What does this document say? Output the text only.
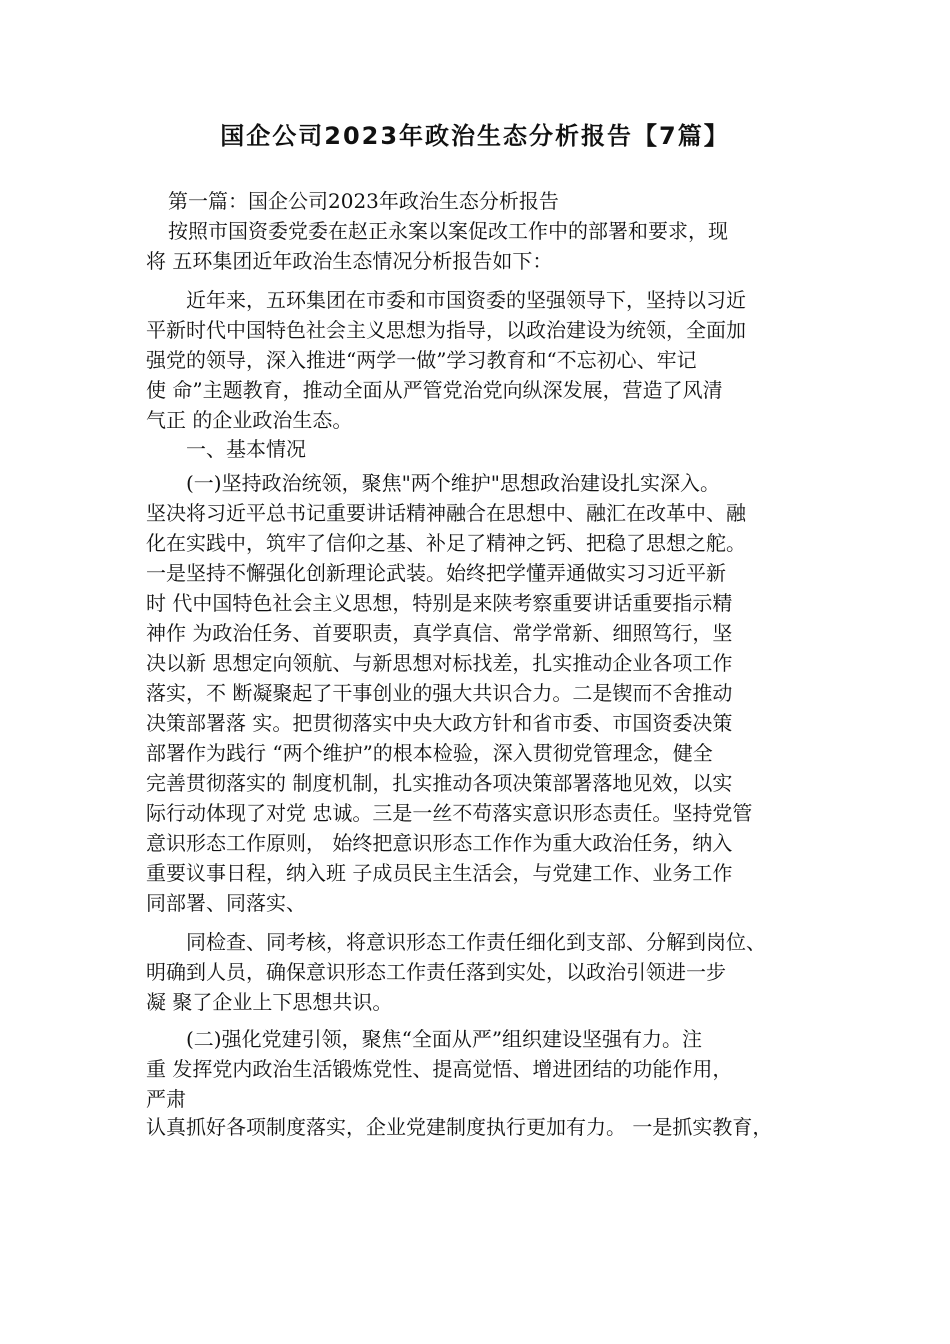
国企公司2023年政治生态分析报告【7篇】
第一篇：国企公司2023年政治生态分析报告
按照市国资委党委在赵正永案以案促改工作中的部署和要求，现
将 五环集团近年政治生态情况分析报告如下：
近年来，五环集团在市委和市国资委的坚强领导下，坚持以习近
平新时代中国特色社会主义思想为指导，以政治建设为统领，全面加
强党的领导，深入推进“两学一做”学习教育和“不忘初心、牢记
使 命”主题教育，推动全面从严管党治党向纵深发展，营造了风清
气正 的企业政治生态。
一、基本情况
(一)坚持政治统领，聚焦"两个维护"思想政治建设扎实深入。
坚决将习近平总书记重要讲话精神融合在思想中、融汇在改革中、融
化在实践中，筑牢了信仰之基、补足了精神之钙、把稳了思想之舵。
一是坚持不懈强化创新理论武装。始终把学懂弄通做实习习近平新
时 代中国特色社会主义思想，特别是来陕考察重要讲话重要指示精
神作 为政治任务、首要职责，真学真信、常学常新、细照笃行，坚
决以新 思想定向领航、与新思想对标找差，扎实推动企业各项工作
落实，不 断凝聚起了干事创业的强大共识合力。二是锲而不舍推动
决策部署落 实。把贯彻落实中央大政方针和省市委、市国资委决策
部署作为践行 “两个维护”的根本检验，深入贯彻党管理念，健全
完善贯彻落实的 制度机制，扎实推动各项决策部署落地见效，以实
际行动体现了对党 忠诚。三是一丝不苟落实意识形态责任。坚持党管
意识形态工作原则， 始终把意识形态工作作为重大政治任务，纳入
重要议事日程，纳入班 子成员民主生活会，与党建工作、业务工作
同部署、同落实、
同检查、同考核，将意识形态工作责任细化到支部、分解到岗位、
明确到人员，确保意识形态工作责任落到实处，以政治引领进一步
凝 聚了企业上下思想共识。
(二)强化党建引领，聚焦“全面从严”组织建设坚强有力。注
重 发挥党内政治生活锻炼党性、提高觉悟、增进团结的功能作用，
严肃
认真抓好各项制度落实，企业党建制度执行更加有力。 一是抓实教育，
